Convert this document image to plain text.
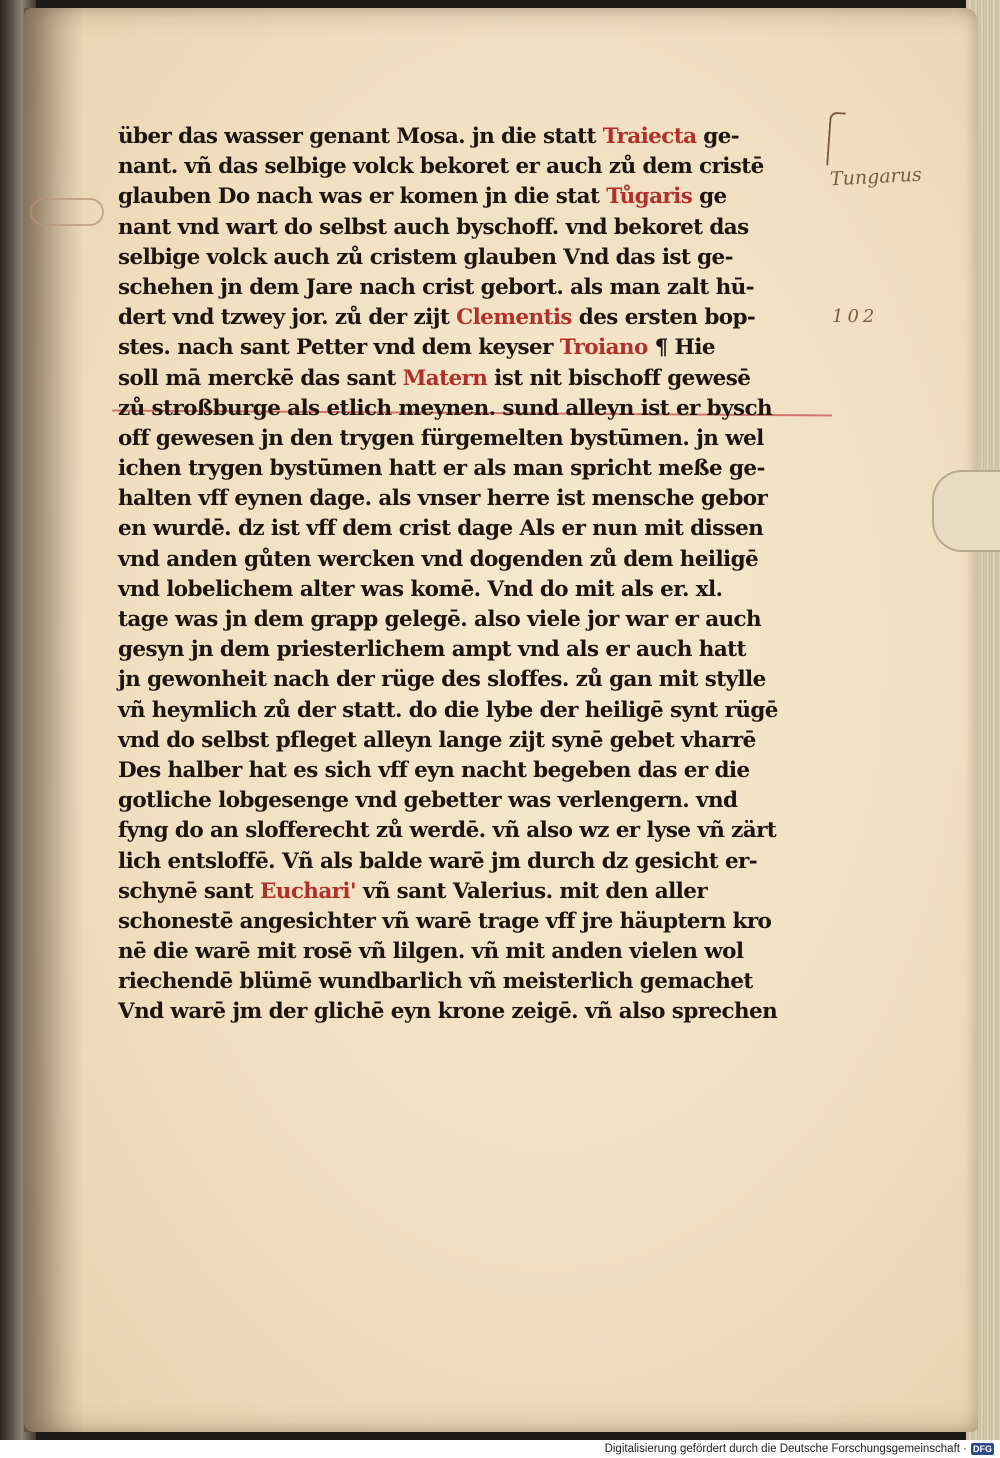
Tungarus
102
über das wasser genant Mosa. jn die statt Traiecta ge-
nant. vñ das selbige volck bekoret er auch zů dem cristē
glauben Do nach was er komen jn die stat Tůgaris ge
nant vnd wart do selbst auch byschoff. vnd bekoret das
selbige volck auch zů cristem glauben Vnd das ist ge-
schehen jn dem Jare nach crist gebort. als man zalt hū-
dert vnd tzwey jor. zů der zijt Clementis des ersten bop-
stes. nach sant Petter vnd dem keyser Troiano ¶ Hie
soll mā merckē das sant Matern ist nit bischoff gewesē
zů stroßburge als etlich meynen. sund alleyn ist er bysch
off gewesen jn den trygen fürgemelten bystūmen. jn wel
ichen trygen bystūmen hatt er als man spricht meße ge-
halten vff eynen dage. als vnser herre ist mensche gebor
en wurdē. dz ist vff dem crist dage Als er nun mit dissen
vnd anden gůten wercken vnd dogenden zů dem heiligē
vnd lobelichem alter was komē. Vnd do mit als er. xl.
tage was jn dem grapp gelegē. also viele jor war er auch
gesyn jn dem priesterlichem ampt vnd als er auch hatt
jn gewonheit nach der rüge des sloffes. zů gan mit stylle
vñ heymlich zů der statt. do die lybe der heiligē synt rügē
vnd do selbst pfleget alleyn lange zijt synē gebet vharrē
Des halber hat es sich vff eyn nacht begeben das er die
gotliche lobgesenge vnd gebetter was verlengern. vnd
fyng do an slofferecht zů werdē. vñ also wz er lyse vñ zärt
lich entsloffē. Vñ als balde warē jm durch dz gesicht er-
schynē sant Euchari' vñ sant Valerius. mit den aller
schonestē angesichter vñ warē trage vff jre häuptern kro
nē die warē mit rosē vñ lilgen. vñ mit anden vielen wol
riechendē blümē wundbarlich vñ meisterlich gemachet
Vnd warē jm der glichē eyn krone zeigē. vñ also sprechen
Digitalisierung gefördert durch die Deutsche Forschungsgemeinschaft · DFG
